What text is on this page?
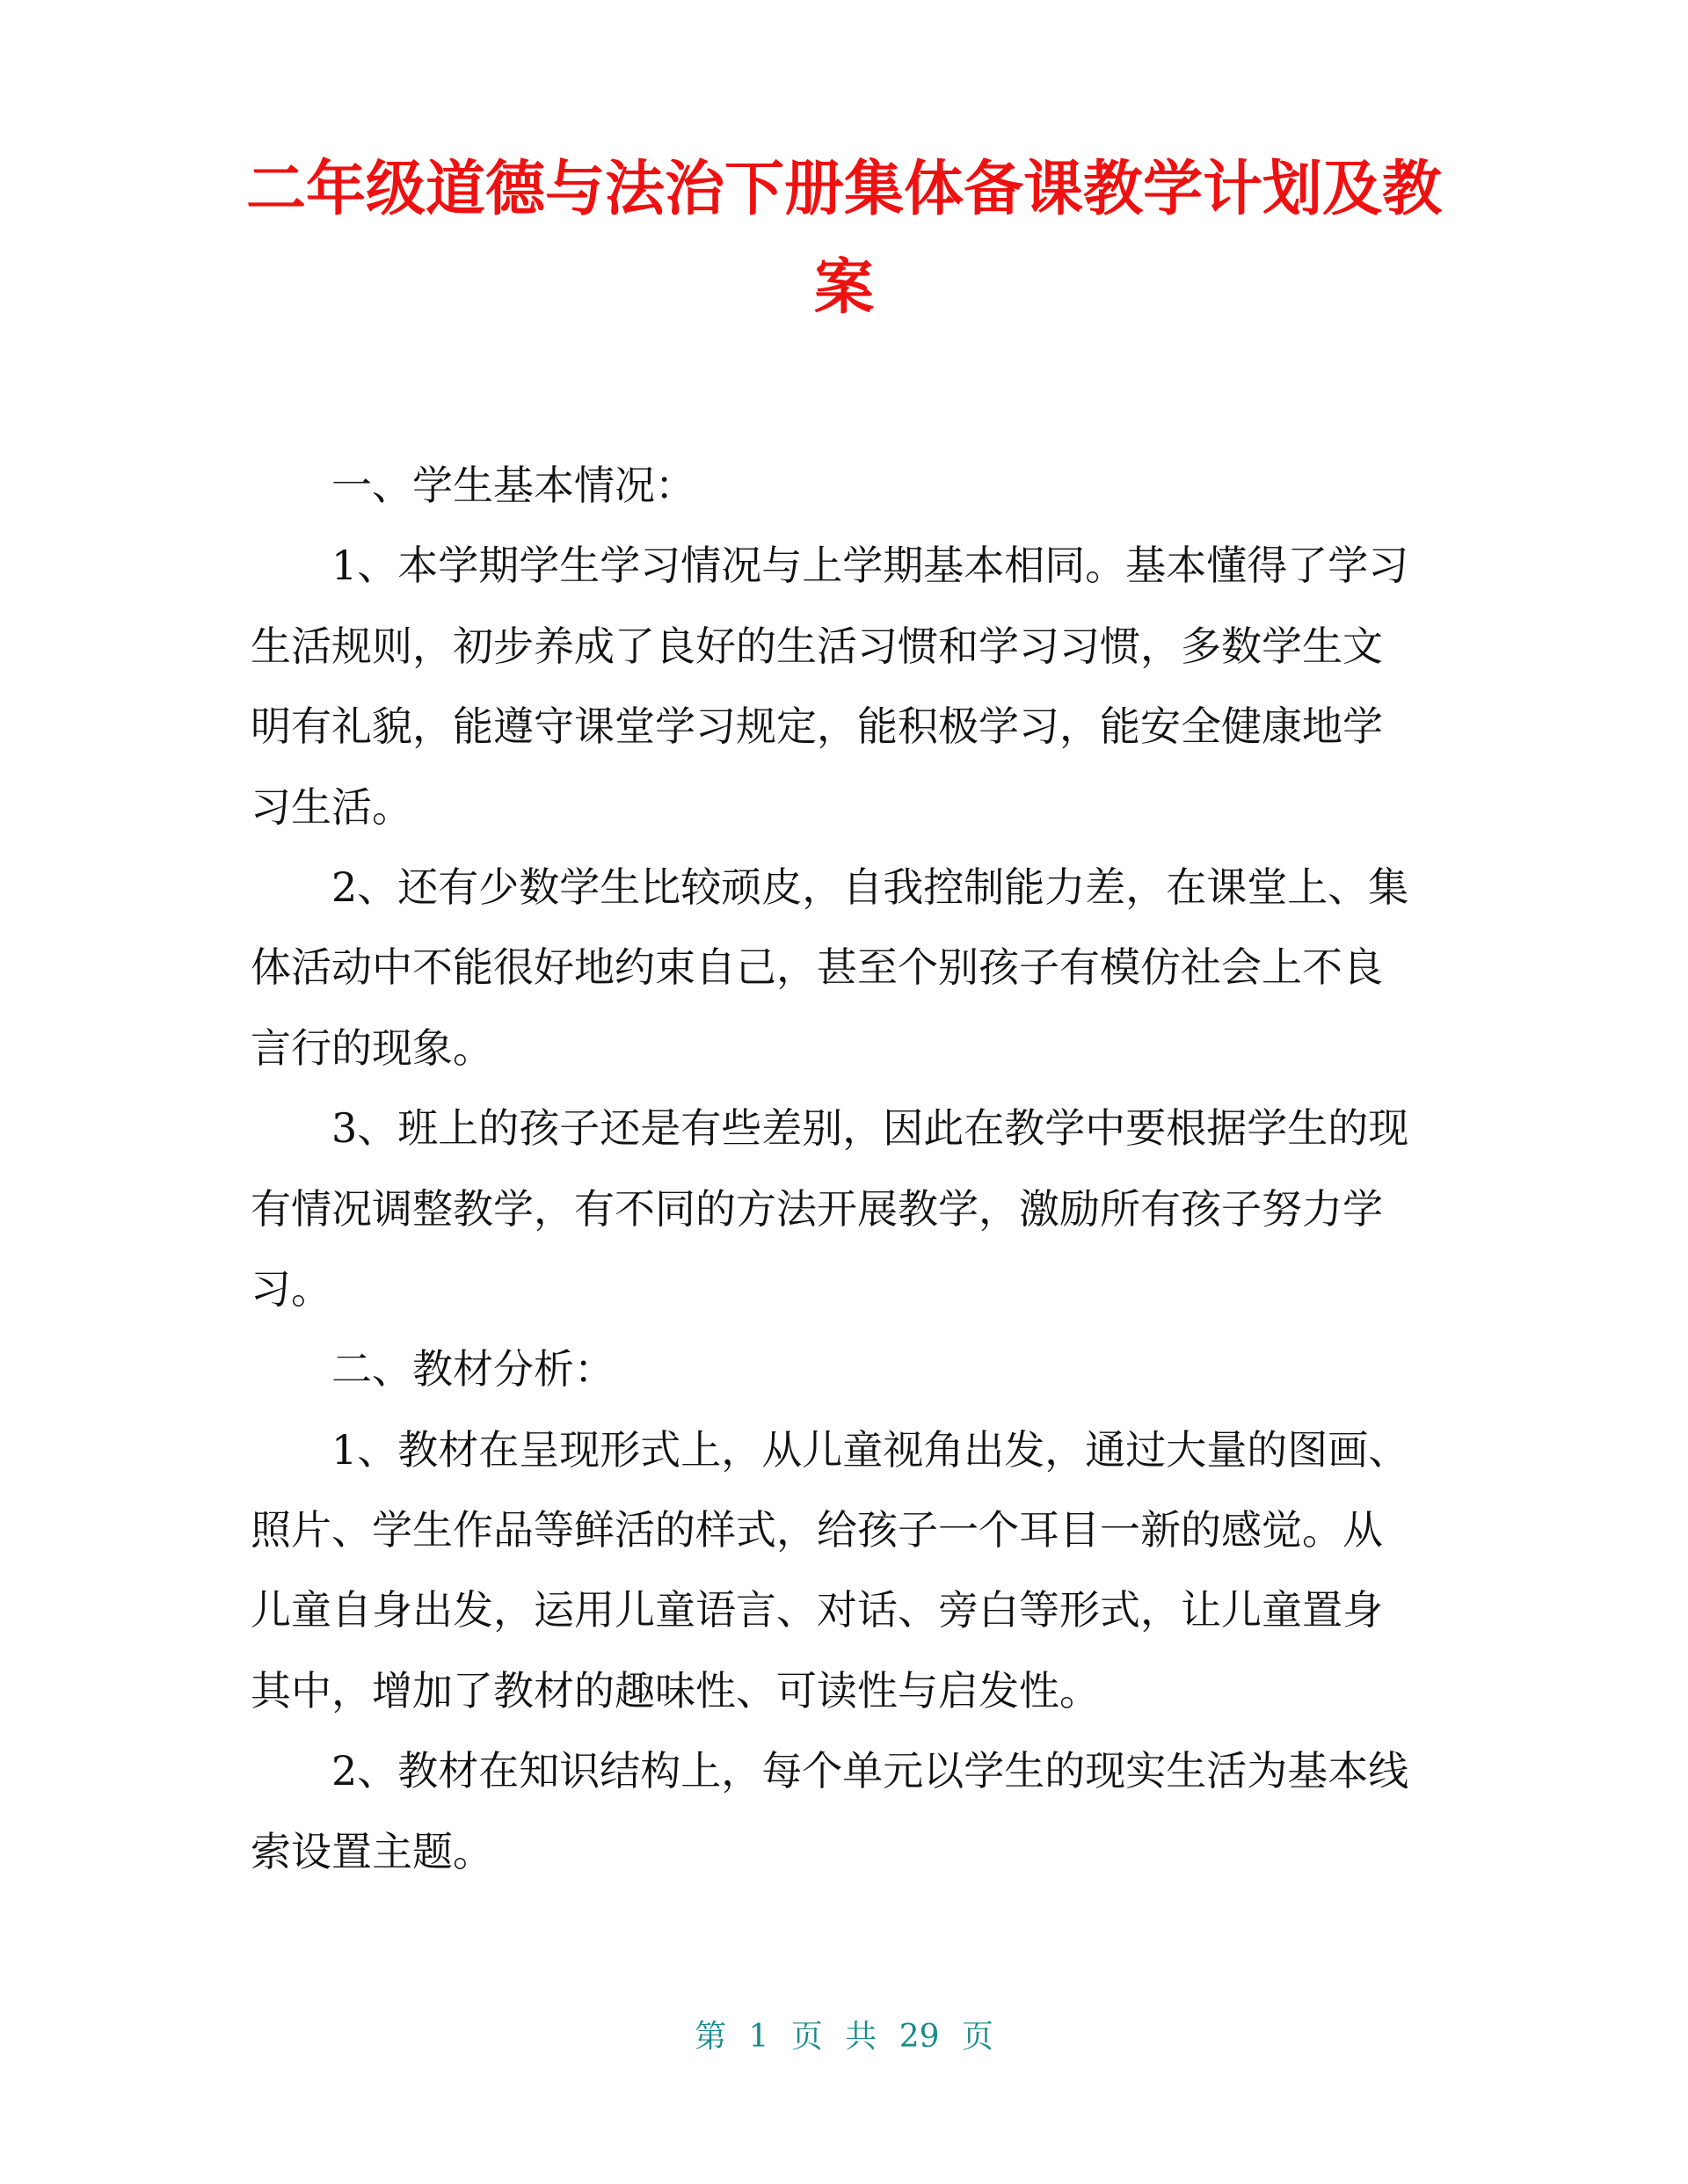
二年级道德与法治下册集体备课教学计划及教
案
一、学生基本情况：
1、本学期学生学习情况与上学期基本相同。基本懂得了学习
生活规则，初步养成了良好的生活习惯和学习习惯，多数学生文
明有礼貌，能遵守课堂学习规定，能积极学习，能安全健康地学
习生活。
2、还有少数学生比较顽皮，自我控制能力差，在课堂上、集
体活动中不能很好地约束自己，甚至个别孩子有模仿社会上不良
言行的现象。
3、班上的孩子还是有些差别，因此在教学中要根据学生的现
有情况调整教学，有不同的方法开展教学，激励所有孩子努力学
习。
二、教材分析：
1、教材在呈现形式上，从儿童视角出发，通过大量的图画、
照片、学生作品等鲜活的样式，给孩子一个耳目一新的感觉。从
儿童自身出发，运用儿童语言、对话、旁白等形式，让儿童置身
其中，增加了教材的趣味性、可读性与启发性。
2、教材在知识结构上，每个单元以学生的现实生活为基本线
索设置主题。
第 1 页 共 29 页
